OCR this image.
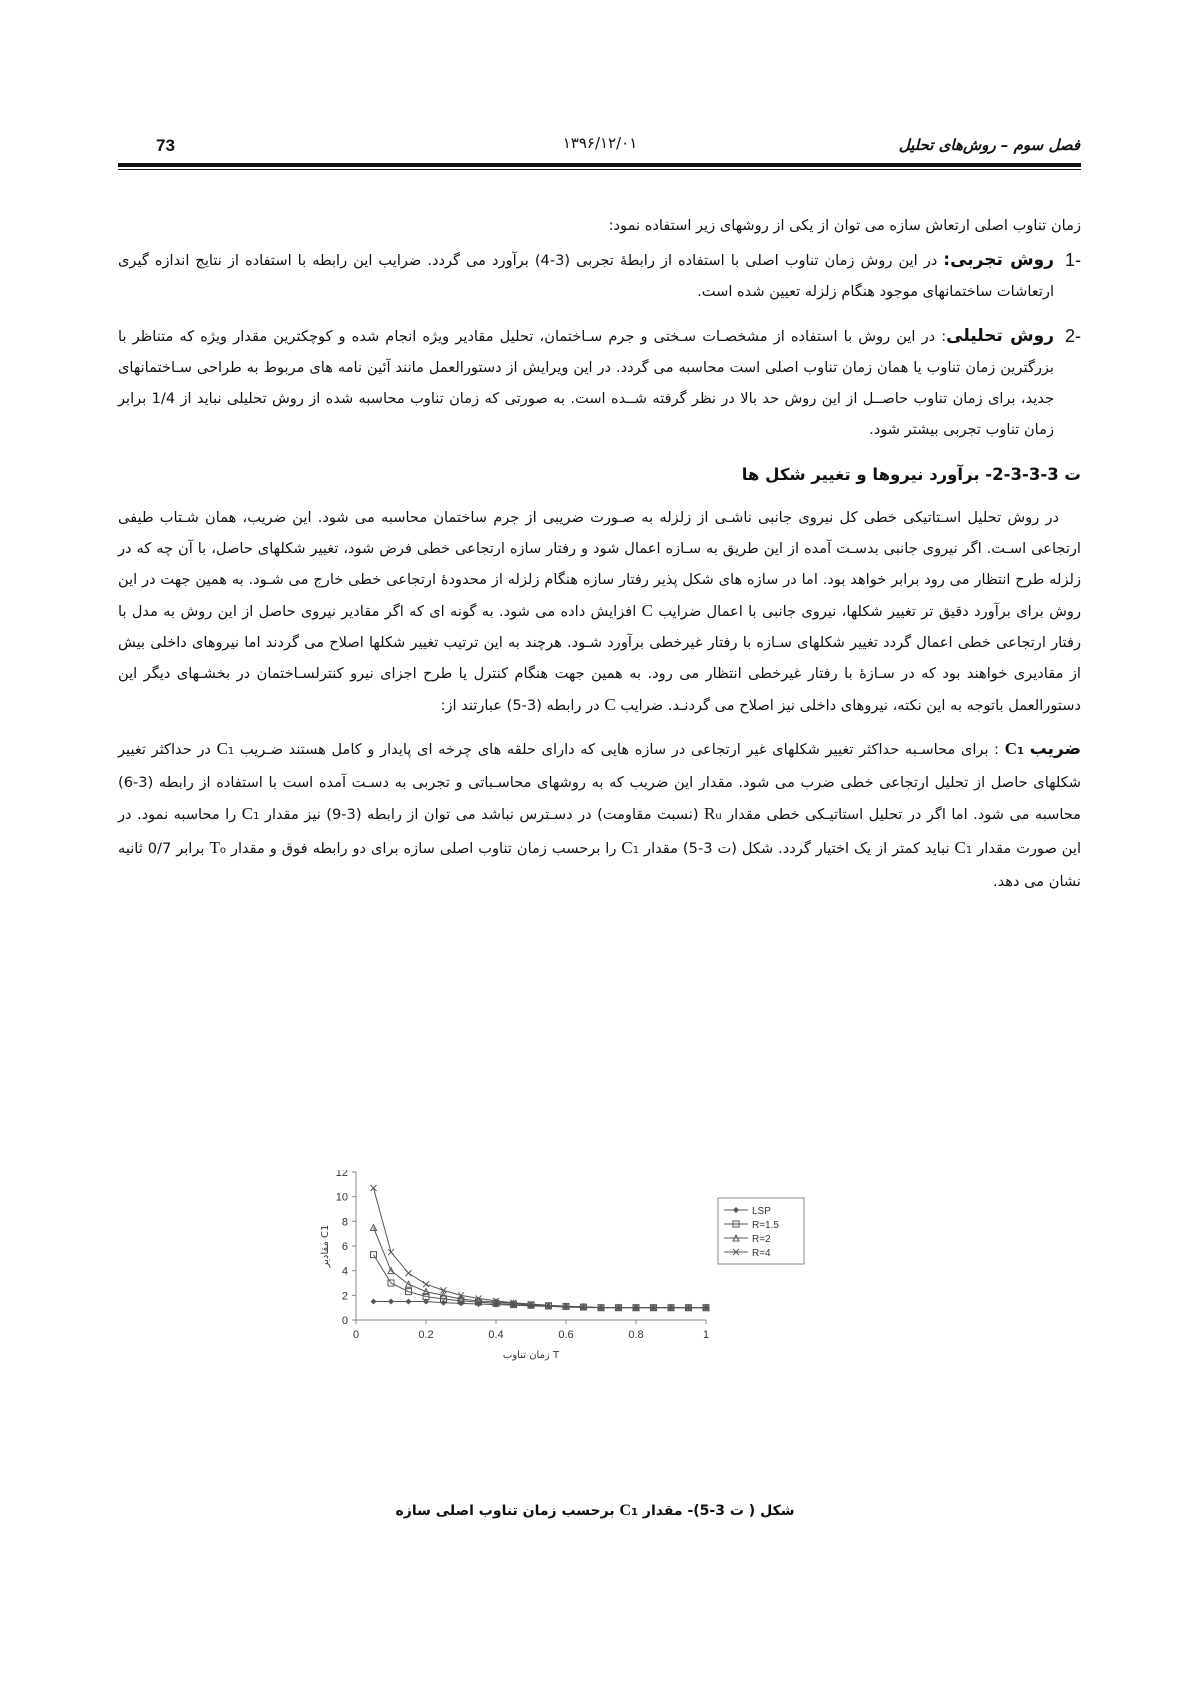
73	۱۳۹۶/۱۲/۰۱	فصل سوم – روش‌های تحلیل

زمان تناوب اصلی ارتعاش سازه می توان از یکی از روشهای زیر استفاده نمود:

-1
روش تجربی: در این روش زمان تناوب اصلی با استفاده از رابطۀ تجربی (3-4) برآورد می گردد. ضرایب این رابطه با استفاده از نتایج اندازه گیری ارتعاشات ساختمانهای موجود هنگام زلزله تعیین شده است.

-2
روش تحلیلی: در این روش با استفاده از مشخصـات سـختی و جرم سـاختمان، تحلیل مقادیر ویژه انجام شده و کوچکترین مقدار ویژه که متناظر با بزرگترین زمان تناوب یا همان زمان تناوب اصلی است محاسبه می گردد. در این ویرایش از دستورالعمل مانند آئین نامه های مربوط به طراحی سـاختمانهای جدید، برای زمان تناوب حاصــل از این روش حد بالا در نظر گرفته شــده است. به صورتی که زمان تناوب محاسبه شده از روش تحلیلی نباید از 1/4 برابر زمان تناوب تجربی بیشتر شود.

ت 3-3-3-2- برآورد نیروها و تغییر شکل ها

در روش تحلیل اسـتاتیکی خطی کل نیروی جانبی ناشـی از زلزله به صـورت ضریبی از جرم ساختمان محاسبه می شود. این ضریب، همان شـتاب طیفی ارتجاعی اسـت. اگر نیروی جانبی بدسـت آمده از این طریق به سـازه اعمال شود و رفتار سازه ارتجاعی خطی فرض شود، تغییر شکلهای حاصل، با آن چه که در زلزله طرح انتظار می رود برابر خواهد بود. اما در سازه های شکل پذیر رفتار سازه هنگام زلزله از محدودۀ ارتجاعی خطی خارج می شـود. به همین جهت در این روش برای برآورد دقیق تر تغییر شکلها، نیروی جانبی با اعمال ضرایب C افزایش داده می شود. به گونه ای که اگر مقادیر نیروی حاصل از این روش به مدل با رفتار ارتجاعی خطی اعمال گردد تغییر شکلهای سـازه با رفتار غیرخطی برآورد شـود. هرچند به این ترتیب تغییر شکلها اصلاح می گردند اما نیروهای داخلی بیش از مقادیری خواهند بود که در سـازۀ با رفتار غیرخطی انتظار می رود. به همین جهت هنگام کنترل یا طرح اجزای نیرو کنترلسـاختمان در بخشـهای دیگر این دستورالعمل باتوجه به این نکته، نیروهای داخلی نیز اصلاح می گردنـد. ضرایب C در رابطه (3-5) عبارتند از:

ضریب C1 : برای محاسـبه حداکثر تغییر شکلهای غیر ارتجاعی در سازه هایی که دارای حلقه های چرخه ای پایدار و کامل هستند ضـریب C1 در حداکثر تغییر شکلهای حاصل از تحلیل ارتجاعی خطی ضرب می شود. مقدار این ضریب که به روشهای محاسـباتی و تجربی به دسـت آمده است با استفاده از رابطه (3-6) محاسبه می شود. اما اگر در تحلیل استاتیـکی خطی مقدار Ru (نسبت مقاومت) در دسـترس نباشد می توان از رابطه (3-9) نیز مقدار C1 را محاسبه نمود. در این صورت مقدار C1 نباید کمتر از یک اختیار گردد. شکل (ت 3-5) مقدار C1 را برحسب زمان تناوب اصلی سازه برای دو رابطه فوق و مقدار To برابر 0/7 ثانیه نشان می دهد.

0
2
4
6
8
10
12
0	0.2	0.4	0.6	0.8	1
زمان تناوب T
مقادیر C1
LSP
R=1.5
R=2
R=4
شکل ( ت 3-5)- مقدار C1 برحسب زمان تناوب اصلی سازه
